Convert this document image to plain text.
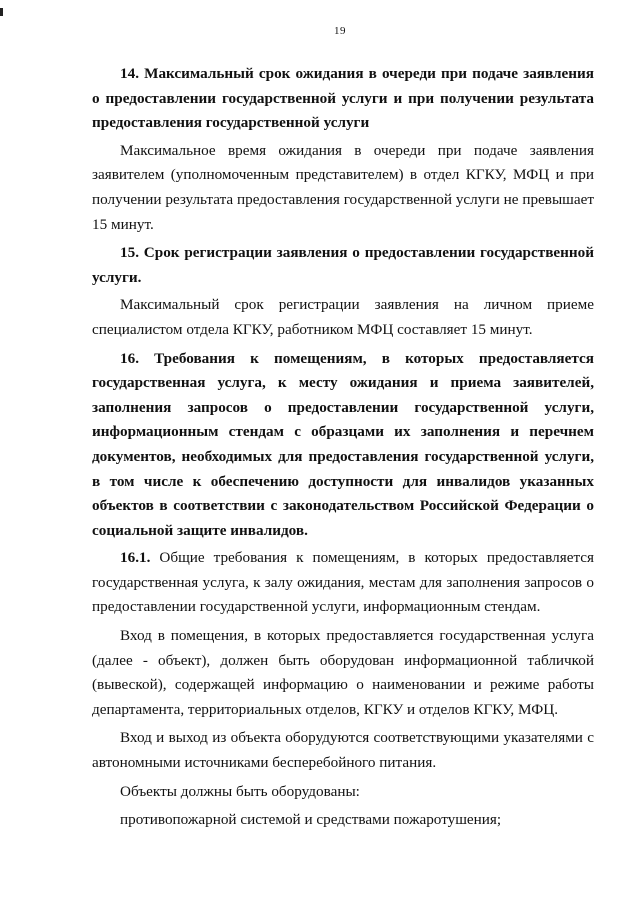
19

14. Максимальный срок ожидания в очереди при подаче заявления о предоставлении государственной услуги и при получении результата предоставления государственной услуги

Максимальное время ожидания в очереди при подаче заявления заявителем (уполномоченным представителем) в отдел КГКУ, МФЦ и при получении результата предоставления государственной услуги не превышает 15 минут.

15. Срок регистрации заявления о предоставлении государственной услуги.

Максимальный срок регистрации заявления на личном приеме специалистом отдела КГКУ, работником МФЦ составляет 15 минут.

16. Требования к помещениям, в которых предоставляется государственная услуга, к месту ожидания и приема заявителей, заполнения запросов о предоставлении государственной услуги, информационным стендам с образцами их заполнения и перечнем документов, необходимых для предоставления государственной услуги, в том числе к обеспечению доступности для инвалидов указанных объектов в соответствии с законодательством Российской Федерации о социальной защите инвалидов.

16.1. Общие требования к помещениям, в которых предоставляется государственная услуга, к залу ожидания, местам для заполнения запросов о предоставлении государственной услуги, информационным стендам.

Вход в помещения, в которых предоставляется государственная услуга (далее - объект), должен быть оборудован информационной табличкой (вывеской), содержащей информацию о наименовании и режиме работы департамента, территориальных отделов, КГКУ и отделов КГКУ, МФЦ.

Вход и выход из объекта оборудуются соответствующими указателями с автономными источниками бесперебойного питания.

Объекты должны быть оборудованы:

противопожарной системой и средствами пожаротушения;
